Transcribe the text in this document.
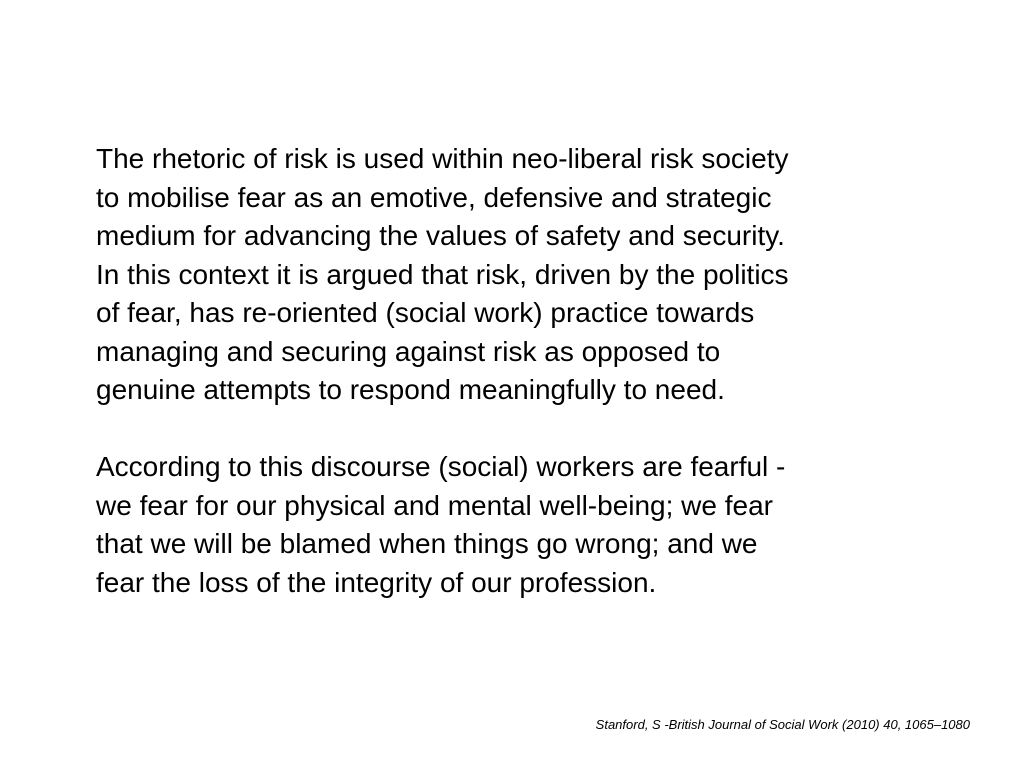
The rhetoric of risk is used within neo-liberal risk society
to mobilise fear as an emotive, defensive and strategic
medium for advancing the values of safety and security.
In this context it is argued that risk, driven by the politics
of fear, has re-oriented (social work) practice towards
managing and securing against risk as opposed to
genuine attempts to respond meaningfully to need.

According to this discourse (social) workers are fearful -
we fear for our physical and mental well-being; we fear
that we will be blamed when things go wrong; and we
fear the loss of the integrity of our profession.

Stanford, S -British Journal of Social Work (2010) 40, 1065–1080
